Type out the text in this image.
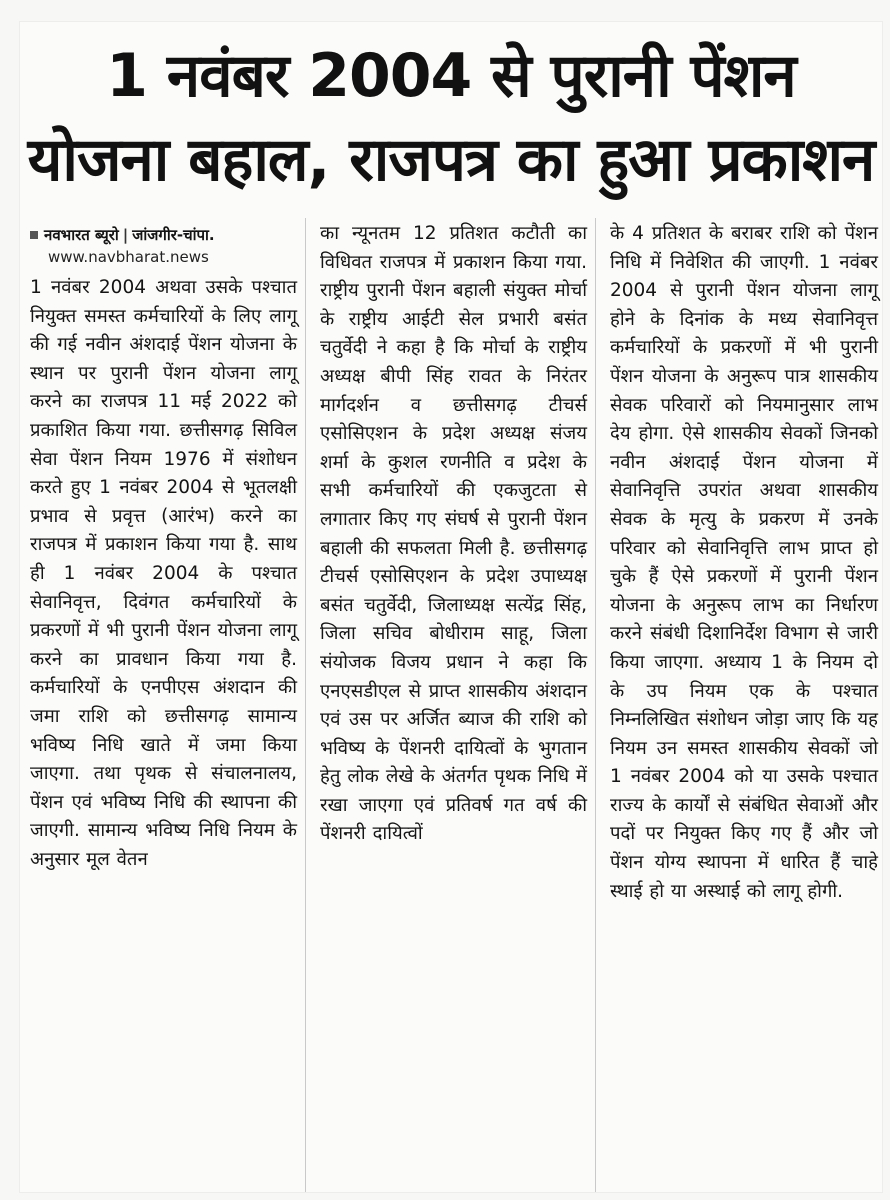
1 नवंबर 2004 से पुरानी पेंशन
योजना बहाल, राजपत्र का हुआ प्रकाशन
नवभारत ब्यूरो | जांजगीर-चांपा.
www.navbharat.news

1 नवंबर 2004 अथवा उसके पश्चात नियुक्त समस्त कर्मचारियों के लिए लागू की गई नवीन अंशदाई पेंशन योजना के स्थान पर पुरानी पेंशन योजना लागू करने का राजपत्र 11 मई 2022 को प्रकाशित किया गया. छत्तीसगढ़ सिविल सेवा पेंशन नियम 1976 में संशोधन करते हुए 1 नवंबर 2004 से भूतलक्षी प्रभाव से प्रवृत्त (आरंभ) करने का राजपत्र में प्रकाशन किया गया है. साथ ही 1 नवंबर 2004 के पश्चात सेवानिवृत्त, दिवंगत कर्मचारियों के प्रकरणों में भी पुरानी पेंशन योजना लागू करने का प्रावधान किया गया है. कर्मचारियों के एनपीएस अंशदान की जमा राशि को छत्तीसगढ़ सामान्य भविष्य निधि खाते में जमा किया जाएगा. तथा पृथक से संचालनालय, पेंशन एवं भविष्य निधि की स्थापना की जाएगी. सामान्य भविष्य निधि नियम के अनुसार मूल वेतन

का न्यूनतम 12 प्रतिशत कटौती का विधिवत राजपत्र में प्रकाशन किया गया. राष्ट्रीय पुरानी पेंशन बहाली संयुक्त मोर्चा के राष्ट्रीय आईटी सेल प्रभारी बसंत चतुर्वेदी ने कहा है कि मोर्चा के राष्ट्रीय अध्यक्ष बीपी सिंह रावत के निरंतर मार्गदर्शन व छत्तीसगढ़ टीचर्स एसोसिएशन के प्रदेश अध्यक्ष संजय शर्मा के कुशल रणनीति व प्रदेश के सभी कर्मचारियों की एकजुटता से लगातार किए गए संघर्ष से पुरानी पेंशन बहाली की सफलता मिली है. छत्तीसगढ़ टीचर्स एसोसिएशन के प्रदेश उपाध्यक्ष बसंत चतुर्वेदी, जिलाध्यक्ष सत्येंद्र सिंह, जिला सचिव बोधीराम साहू, जिला संयोजक विजय प्रधान ने कहा कि एनएसडीएल से प्राप्त शासकीय अंशदान एवं उस पर अर्जित ब्याज की राशि को भविष्य के पेंशनरी दायित्वों के भुगतान हेतु लोक लेखे के अंतर्गत पृथक निधि में रखा जाएगा एवं प्रतिवर्ष गत वर्ष की पेंशनरी दायित्वों

के 4 प्रतिशत के बराबर राशि को पेंशन निधि में निवेशित की जाएगी. 1 नवंबर 2004 से पुरानी पेंशन योजना लागू होने के दिनांक के मध्य सेवानिवृत्त कर्मचारियों के प्रकरणों में भी पुरानी पेंशन योजना के अनुरूप पात्र शासकीय सेवक परिवारों को नियमानुसार लाभ देय होगा. ऐसे शासकीय सेवकों जिनको नवीन अंशदाई पेंशन योजना में सेवानिवृत्ति उपरांत अथवा शासकीय सेवक के मृत्यु के प्रकरण में उनके परिवार को सेवानिवृत्ति लाभ प्राप्त हो चुके हैं ऐसे प्रकरणों में पुरानी पेंशन योजना के अनुरूप लाभ का निर्धारण करने संबंधी दिशानिर्देश विभाग से जारी किया जाएगा. अध्याय 1 के नियम दो के उप नियम एक के पश्चात निम्नलिखित संशोधन जोड़ा जाए कि यह नियम उन समस्त शासकीय सेवकों जो 1 नवंबर 2004 को या उसके पश्चात राज्य के कार्यों से संबंधित सेवाओं और पदों पर नियुक्त किए गए हैं और जो पेंशन योग्य स्थापना में धारित हैं चाहे स्थाई हो या अस्थाई को लागू होगी.
